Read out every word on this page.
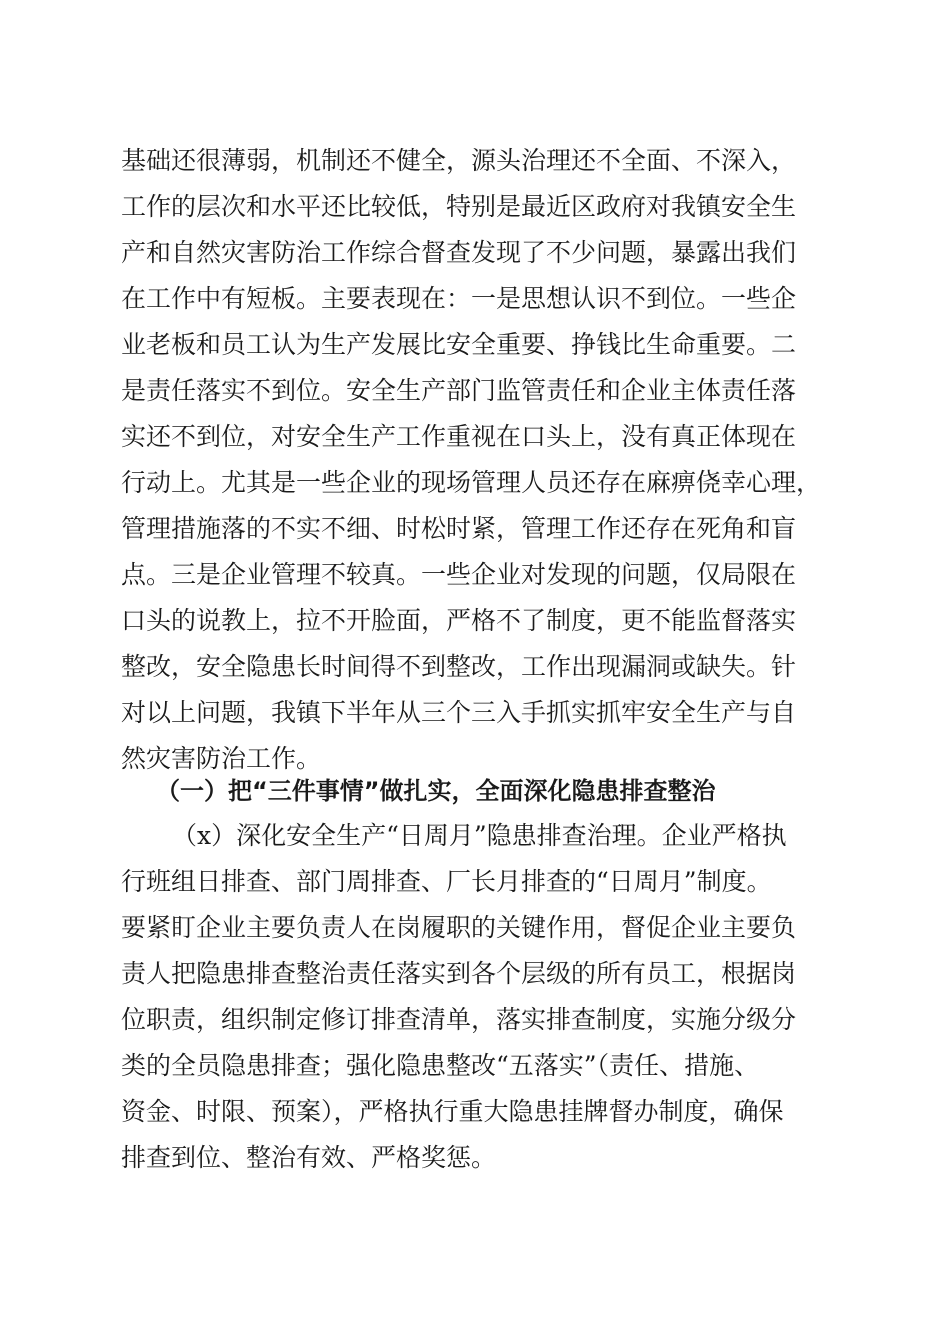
基础还很薄弱，机制还不健全，源头治理还不全面、不深入，
工作的层次和水平还比较低，特别是最近区政府对我镇安全生
产和自然灾害防治工作综合督查发现了不少问题，暴露出我们
在工作中有短板。主要表现在：一是思想认识不到位。一些企
业老板和员工认为生产发展比安全重要、挣钱比生命重要。二
是责任落实不到位。安全生产部门监管责任和企业主体责任落
实还不到位，对安全生产工作重视在口头上，没有真正体现在
行动上。尤其是一些企业的现场管理人员还存在麻痹侥幸心理，
管理措施落的不实不细、时松时紧，管理工作还存在死角和盲
点。三是企业管理不较真。一些企业对发现的问题，仅局限在
口头的说教上，拉不开脸面，严格不了制度，更不能监督落实
整改，安全隐患长时间得不到整改，工作出现漏洞或缺失。针
对以上问题，我镇下半年从三个三入手抓实抓牢安全生产与自
然灾害防治工作。
（一）把“三件事情”做扎实，全面深化隐患排查整治
（x）深化安全生产“日周月”隐患排查治理。企业严格执
行班组日排查、部门周排查、厂长月排查的“日周月”制度。
要紧盯企业主要负责人在岗履职的关键作用，督促企业主要负
责人把隐患排查整治责任落实到各个层级的所有员工，根据岗
位职责，组织制定修订排查清单，落实排查制度，实施分级分
类的全员隐患排查；强化隐患整改“五落实”（责任、措施、
资金、时限、预案），严格执行重大隐患挂牌督办制度，确保
排查到位、整治有效、严格奖惩。
